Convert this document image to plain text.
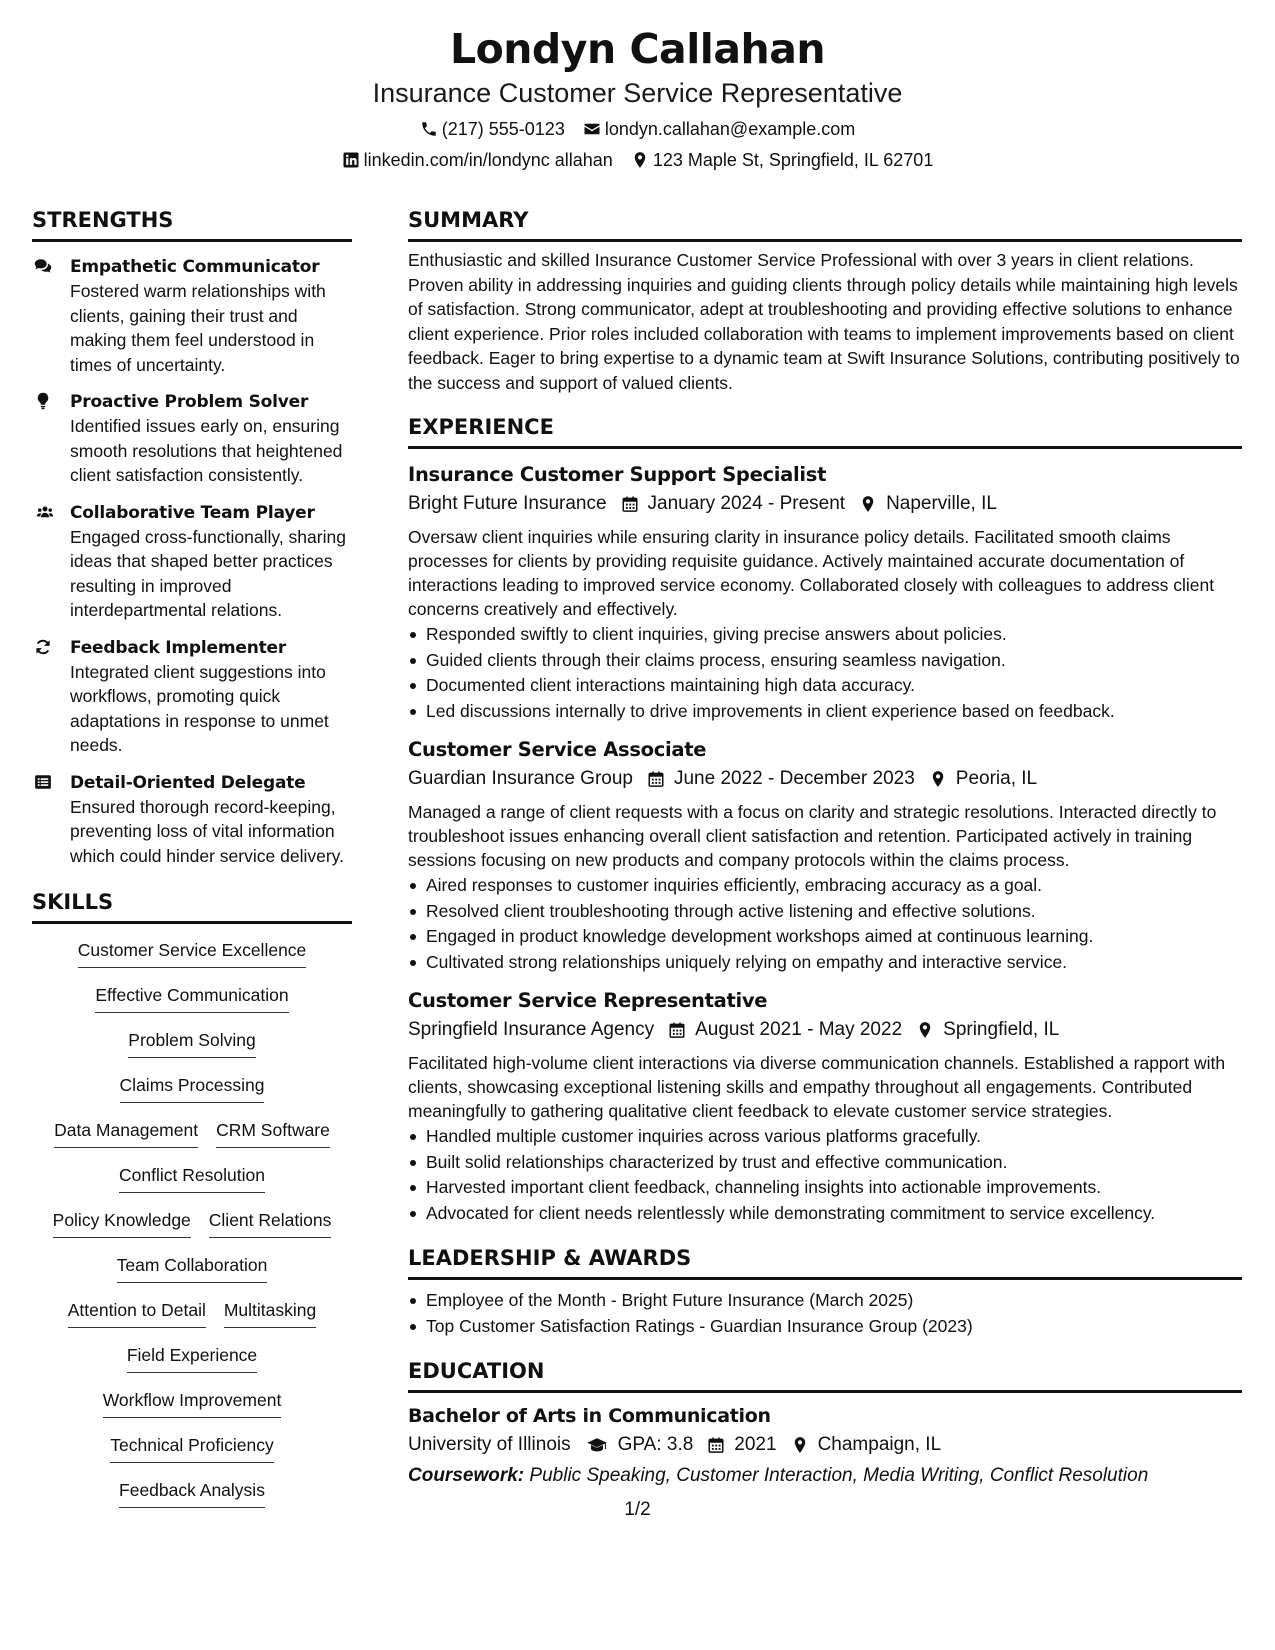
Londyn Callahan
Insurance Customer Service Representative
(217) 555-0123 londyn.callahan@example.com
linkedin.com/in/londync allahan 123 Maple St, Springfield, IL 62701
STRENGTHS
Empathetic Communicator
Fostered warm relationships with clients, gaining their trust and making them feel understood in times of uncertainty.
Proactive Problem Solver
Identified issues early on, ensuring smooth resolutions that heightened client satisfaction consistently.
Collaborative Team Player
Engaged cross-functionally, sharing ideas that shaped better practices resulting in improved interdepartmental relations.
Feedback Implementer
Integrated client suggestions into workflows, promoting quick adaptations in response to unmet needs.
Detail-Oriented Delegate
Ensured thorough record-keeping, preventing loss of vital information which could hinder service delivery.
SKILLS
Customer Service Excellence
Effective Communication
Problem Solving
Claims Processing
Data Management CRM Software
Conflict Resolution
Policy Knowledge Client Relations
Team Collaboration
Attention to Detail Multitasking
Field Experience
Workflow Improvement
Technical Proficiency
Feedback Analysis
SUMMARY
Enthusiastic and skilled Insurance Customer Service Professional with over 3 years in client relations. Proven ability in addressing inquiries and guiding clients through policy details while maintaining high levels of satisfaction. Strong communicator, adept at troubleshooting and providing effective solutions to enhance client experience. Prior roles included collaboration with teams to implement improvements based on client feedback. Eager to bring expertise to a dynamic team at Swift Insurance Solutions, contributing positively to the success and support of valued clients.
EXPERIENCE
Insurance Customer Support Specialist
Bright Future Insurance January 2024 - Present Naperville, IL
Oversaw client inquiries while ensuring clarity in insurance policy details. Facilitated smooth claims processes for clients by providing requisite guidance. Actively maintained accurate documentation of interactions leading to improved service economy. Collaborated closely with colleagues to address client concerns creatively and effectively.
Responded swiftly to client inquiries, giving precise answers about policies.
Guided clients through their claims process, ensuring seamless navigation.
Documented client interactions maintaining high data accuracy.
Led discussions internally to drive improvements in client experience based on feedback.
Customer Service Associate
Guardian Insurance Group June 2022 - December 2023 Peoria, IL
Managed a range of client requests with a focus on clarity and strategic resolutions. Interacted directly to troubleshoot issues enhancing overall client satisfaction and retention. Participated actively in training sessions focusing on new products and company protocols within the claims process.
Aired responses to customer inquiries efficiently, embracing accuracy as a goal.
Resolved client troubleshooting through active listening and effective solutions.
Engaged in product knowledge development workshops aimed at continuous learning.
Cultivated strong relationships uniquely relying on empathy and interactive service.
Customer Service Representative
Springfield Insurance Agency August 2021 - May 2022 Springfield, IL
Facilitated high-volume client interactions via diverse communication channels. Established a rapport with clients, showcasing exceptional listening skills and empathy throughout all engagements. Contributed meaningfully to gathering qualitative client feedback to elevate customer service strategies.
Handled multiple customer inquiries across various platforms gracefully.
Built solid relationships characterized by trust and effective communication.
Harvested important client feedback, channeling insights into actionable improvements.
Advocated for client needs relentlessly while demonstrating commitment to service excellency.
LEADERSHIP & AWARDS
Employee of the Month - Bright Future Insurance (March 2025)
Top Customer Satisfaction Ratings - Guardian Insurance Group (2023)
EDUCATION
Bachelor of Arts in Communication
University of Illinois GPA: 3.8 2021 Champaign, IL
Coursework: Public Speaking, Customer Interaction, Media Writing, Conflict Resolution
1/2
